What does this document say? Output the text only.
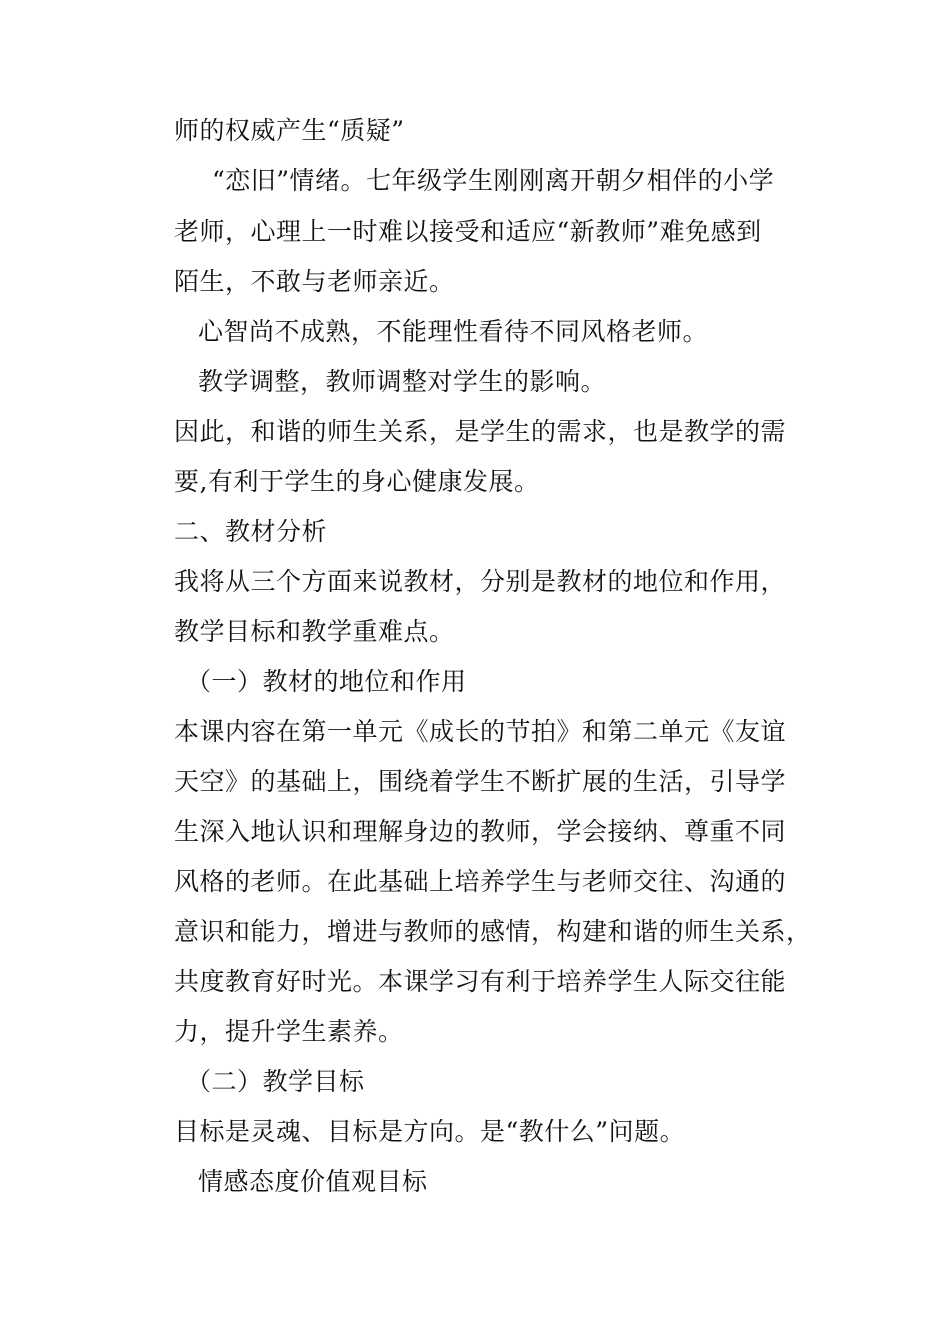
师的权威产生“质疑”
“恋旧”情绪。七年级学生刚刚离开朝夕相伴的小学
老师，心理上一时难以接受和适应“新教师”难免感到
陌生，不敢与老师亲近。
心智尚不成熟，不能理性看待不同风格老师。
教学调整，教师调整对学生的影响。
因此，和谐的师生关系，是学生的需求，也是教学的需
要,有利于学生的身心健康发展。
二、教材分析
我将从三个方面来说教材，分别是教材的地位和作用，
教学目标和教学重难点。
（一）教材的地位和作用
本课内容在第一单元《成长的节拍》和第二单元《友谊
天空》的基础上，围绕着学生不断扩展的生活，引导学
生深入地认识和理解身边的教师，学会接纳、尊重不同
风格的老师。在此基础上培养学生与老师交往、沟通的
意识和能力，增进与教师的感情，构建和谐的师生关系，
共度教育好时光。本课学习有利于培养学生人际交往能
力，提升学生素养。
（二）教学目标
目标是灵魂、目标是方向。是“教什么”问题。
情感态度价值观目标
